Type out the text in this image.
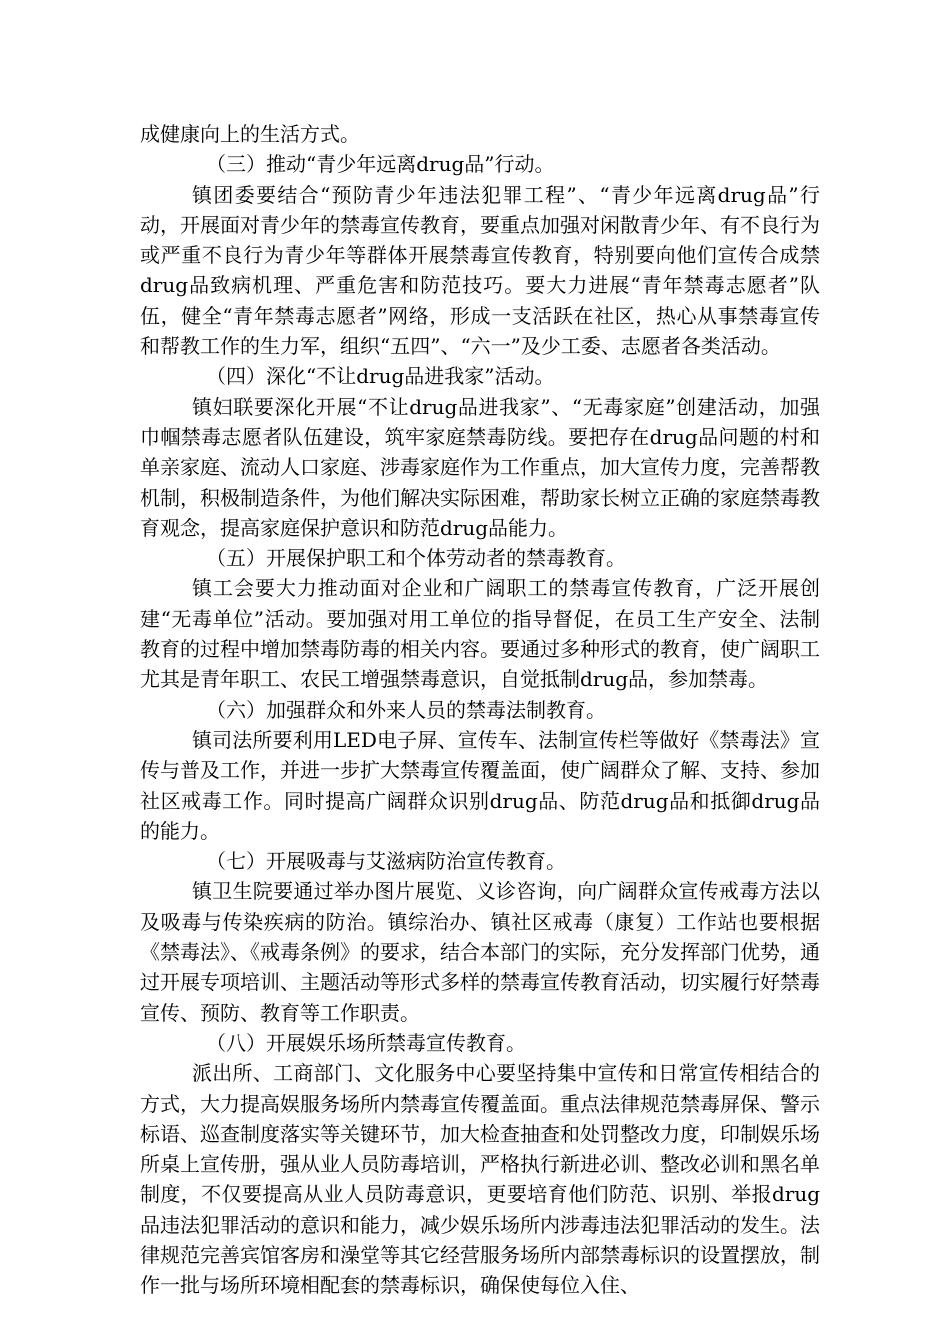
成健康向上的生活方式。

（三）推动“青少年远离drug品”行动。

镇团委要结合“预防青少年违法犯罪工程”、“青少年远离drug品”行动，开展面对青少年的禁毒宣传教育，要重点加强对闲散青少年、有不良行为或严重不良行为青少年等群体开展禁毒宣传教育，特别要向他们宣传合成禁drug品致病机理、严重危害和防范技巧。要大力进展“青年禁毒志愿者”队伍，健全“青年禁毒志愿者”网络，形成一支活跃在社区，热心从事禁毒宣传和帮教工作的生力军，组织“五四”、“六一”及少工委、志愿者各类活动。

（四）深化“不让drug品进我家”活动。

镇妇联要深化开展“不让drug品进我家”、“无毒家庭”创建活动，加强巾帼禁毒志愿者队伍建设，筑牢家庭禁毒防线。要把存在drug品问题的村和单亲家庭、流动人口家庭、涉毒家庭作为工作重点，加大宣传力度，完善帮教机制，积极制造条件，为他们解决实际困难，帮助家长树立正确的家庭禁毒教育观念，提高家庭保护意识和防范drug品能力。

（五）开展保护职工和个体劳动者的禁毒教育。

镇工会要大力推动面对企业和广阔职工的禁毒宣传教育，广泛开展创建“无毒单位”活动。要加强对用工单位的指导督促，在员工生产安全、法制教育的过程中增加禁毒防毒的相关内容。要通过多种形式的教育，使广阔职工尤其是青年职工、农民工增强禁毒意识，自觉抵制drug品，参加禁毒。

（六）加强群众和外来人员的禁毒法制教育。

镇司法所要利用LED电子屏、宣传车、法制宣传栏等做好《禁毒法》宣传与普及工作，并进一步扩大禁毒宣传覆盖面，使广阔群众了解、支持、参加社区戒毒工作。同时提高广阔群众识别drug品、防范drug品和抵御drug品的能力。

（七）开展吸毒与艾滋病防治宣传教育。

镇卫生院要通过举办图片展览、义诊咨询，向广阔群众宣传戒毒方法以及吸毒与传染疾病的防治。镇综治办、镇社区戒毒（康复）工作站也要根据《禁毒法》、《戒毒条例》的要求，结合本部门的实际，充分发挥部门优势，通过开展专项培训、主题活动等形式多样的禁毒宣传教育活动，切实履行好禁毒宣传、预防、教育等工作职责。

（八）开展娱乐场所禁毒宣传教育。

派出所、工商部门、文化服务中心要坚持集中宣传和日常宣传相结合的方式，大力提高娱服务场所内禁毒宣传覆盖面。重点法律规范禁毒屏保、警示标语、巡查制度落实等关键环节，加大检查抽查和处罚整改力度，印制娱乐场所桌上宣传册，强从业人员防毒培训，严格执行新进必训、整改必训和黑名单制度，不仅要提高从业人员防毒意识，更要培育他们防范、识别、举报drug品违法犯罪活动的意识和能力，减少娱乐场所内涉毒违法犯罪活动的发生。法律规范完善宾馆客房和澡堂等其它经营服务场所内部禁毒标识的设置摆放，制作一批与场所环境相配套的禁毒标识，确保使每位入住、
